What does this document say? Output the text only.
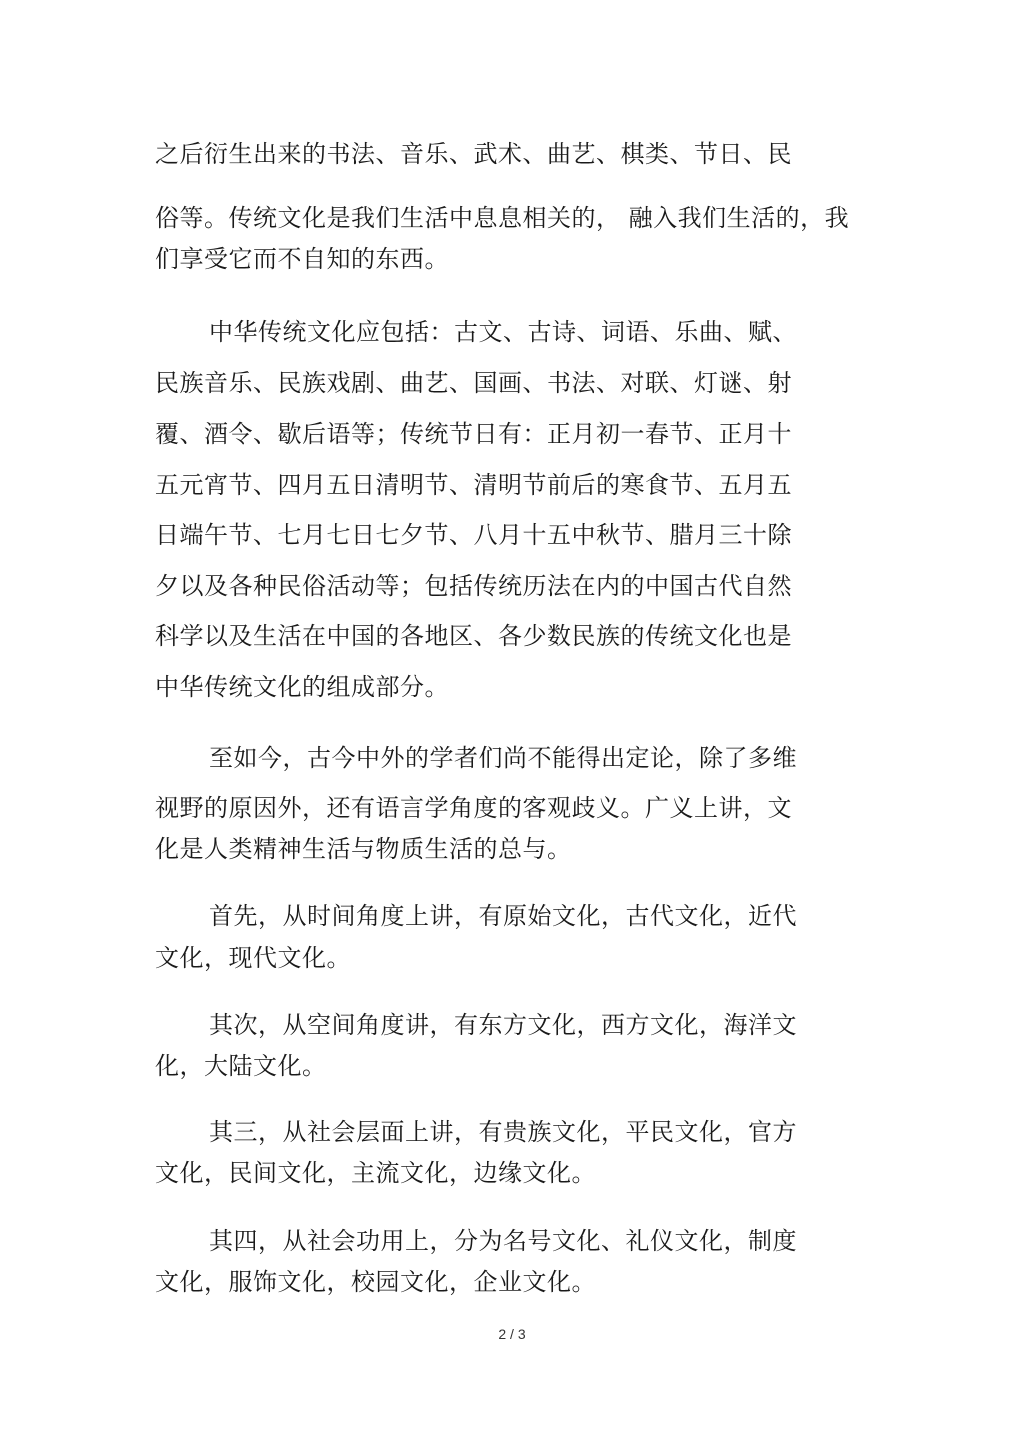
之后衍生出来的书法、音乐、武术、曲艺、棋类、节日、民
俗等。传统文化是我们生活中息息相关的， 融入我们生活的，我
们享受它而不自知的东西。
中华传统文化应包括：古文、古诗、词语、乐曲、赋、
民族音乐、民族戏剧、曲艺、国画、书法、对联、灯谜、射
覆、酒令、歇后语等；传统节日有：正月初一春节、正月十
五元宵节、四月五日清明节、清明节前后的寒食节、五月五
日端午节、七月七日七夕节、八月十五中秋节、腊月三十除
夕以及各种民俗活动等；包括传统历法在内的中国古代自然
科学以及生活在中国的各地区、各少数民族的传统文化也是
中华传统文化的组成部分。
至如今，古今中外的学者们尚不能得出定论，除了多维
视野的原因外，还有语言学角度的客观歧义。广义上讲，文
化是人类精神生活与物质生活的总与。
首先，从时间角度上讲，有原始文化，古代文化，近代
文化，现代文化。
其次，从空间角度讲，有东方文化，西方文化，海洋文
化，大陆文化。
其三，从社会层面上讲，有贵族文化，平民文化，官方
文化，民间文化，主流文化，边缘文化。
其四，从社会功用上，分为名号文化、礼仪文化，制度
文化，服饰文化，校园文化，企业文化。
2 / 3
